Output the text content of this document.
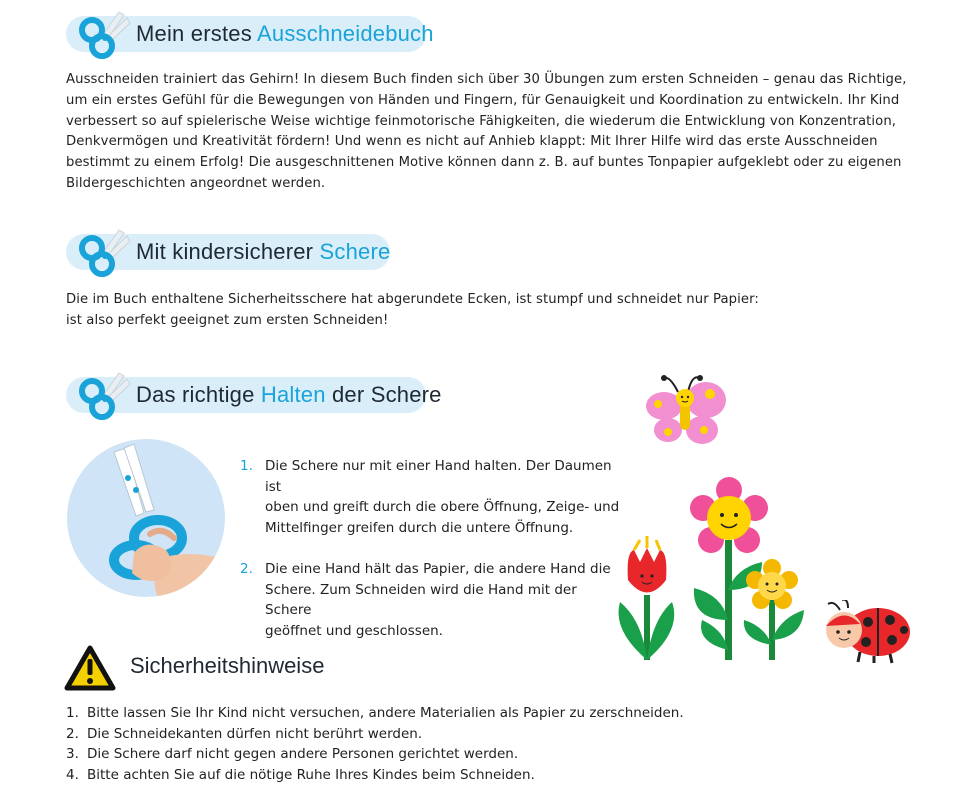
Mein erstes Ausschneidebuch

Ausschneiden trainiert das Gehirn! In diesem Buch finden sich über 30 Übungen zum ersten Schneiden – genau das Richtige,

um ein erstes Gefühl für die Bewegungen von Händen und Fingern, für Genauigkeit und Koordination zu entwickeln. Ihr Kind

verbessert so auf spielerische Weise wichtige feinmotorische Fähigkeiten, die wiederum die Entwicklung von Konzentration,

Denkvermögen und Kreativität fördern! Und wenn es nicht auf Anhieb klappt: Mit Ihrer Hilfe wird das erste Ausschneiden

bestimmt zu einem Erfolg! Die ausgeschnittenen Motive können dann z. B. auf buntes Tonpapier aufgeklebt oder zu eigenen

Bildergeschichten angeordnet werden.

Mit kindersicherer Schere

Die im Buch enthaltene Sicherheitsschere hat abgerundete Ecken, ist stumpf und schneidet nur Papier:

ist also perfekt geeignet zum ersten Schneiden!

Das richtige Halten der Schere
1. Die Schere nur mit einer Hand halten. Der Daumen ist
oben und greift durch die obere Öffnung, Zeige- und
Mittelfinger greifen durch die untere Öffnung.
2. Die eine Hand hält das Papier, die andere Hand die
Schere. Zum Schneiden wird die Hand mit der Schere
geöffnet und geschlossen.
Sicherheitshinweise
1. Bitte lassen Sie Ihr Kind nicht versuchen, andere Materialien als Papier zu zerschneiden.
2. Die Schneidekanten dürfen nicht berührt werden.
3. Die Schere darf nicht gegen andere Personen gerichtet werden.
4. Bitte achten Sie auf die nötige Ruhe Ihres Kindes beim Schneiden.
